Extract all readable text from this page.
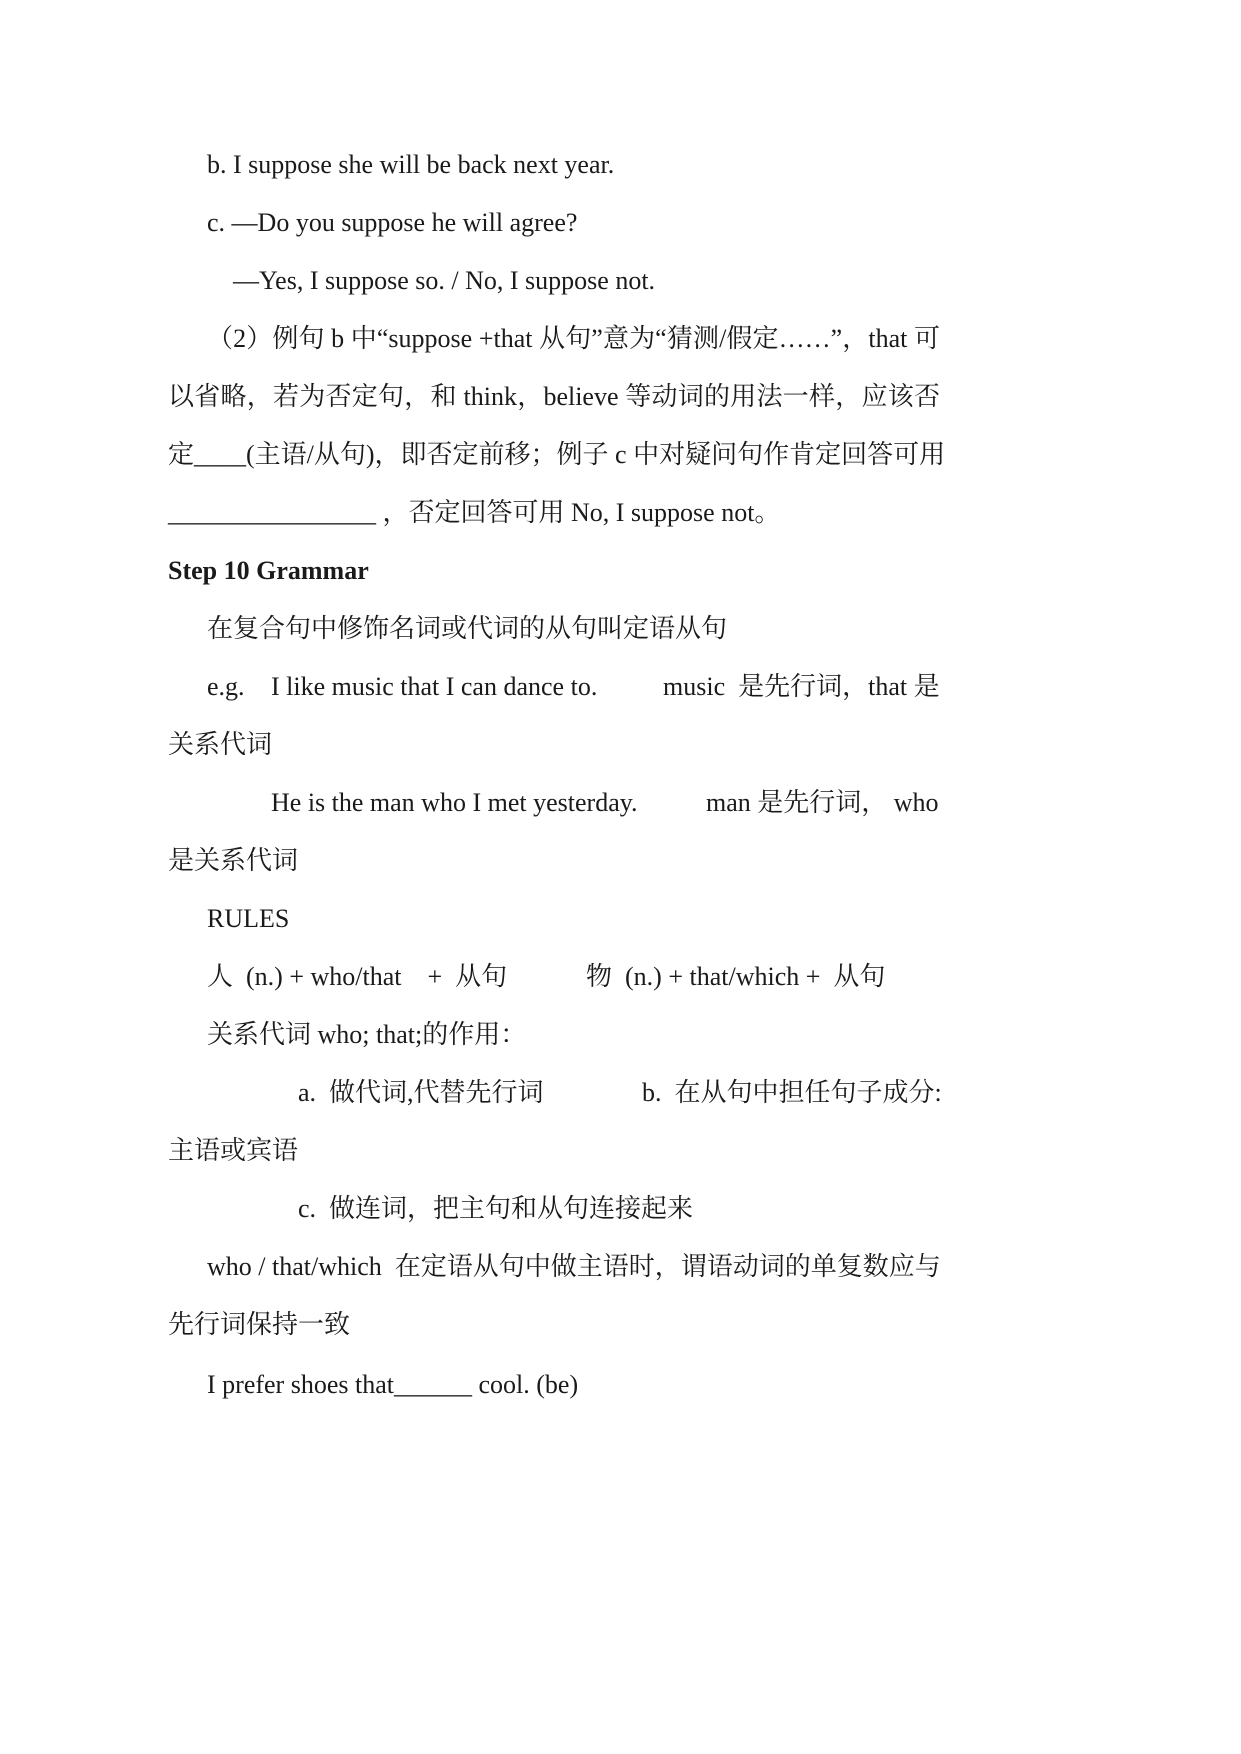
b. I suppose she will be back next year.
c. —Do you suppose he will agree?
—Yes, I suppose so. / No, I suppose not.
（2）例句 b 中“suppose +that 从句”意为“猜测/假定……”，that 可
以省略，若为否定句，和 think，believe 等动词的用法一样，应该否
定____(主语/从句)，即否定前移；例子 c 中对疑问句作肯定回答可用
________________ ，否定回答可用 No, I suppose not。
Step 10 Grammar
在复合句中修饰名词或代词的从句叫定语从句
e.g. I like music that I can dance to.	music  是先行词，that 是
关系代词
He is the man who I met yesterday.	man 是先行词， who
是关系代词
RULES
人  (n.) + who/that    +  从句	物  (n.) + that/which +  从句
关系代词 who; that;的作用：
a.  做代词,代替先行词	b.  在从句中担任句子成分:
主语或宾语
c.  做连词，把主句和从句连接起来
who / that/which  在定语从句中做主语时，谓语动词的单复数应与
先行词保持一致
I prefer shoes that______ cool. (be)
